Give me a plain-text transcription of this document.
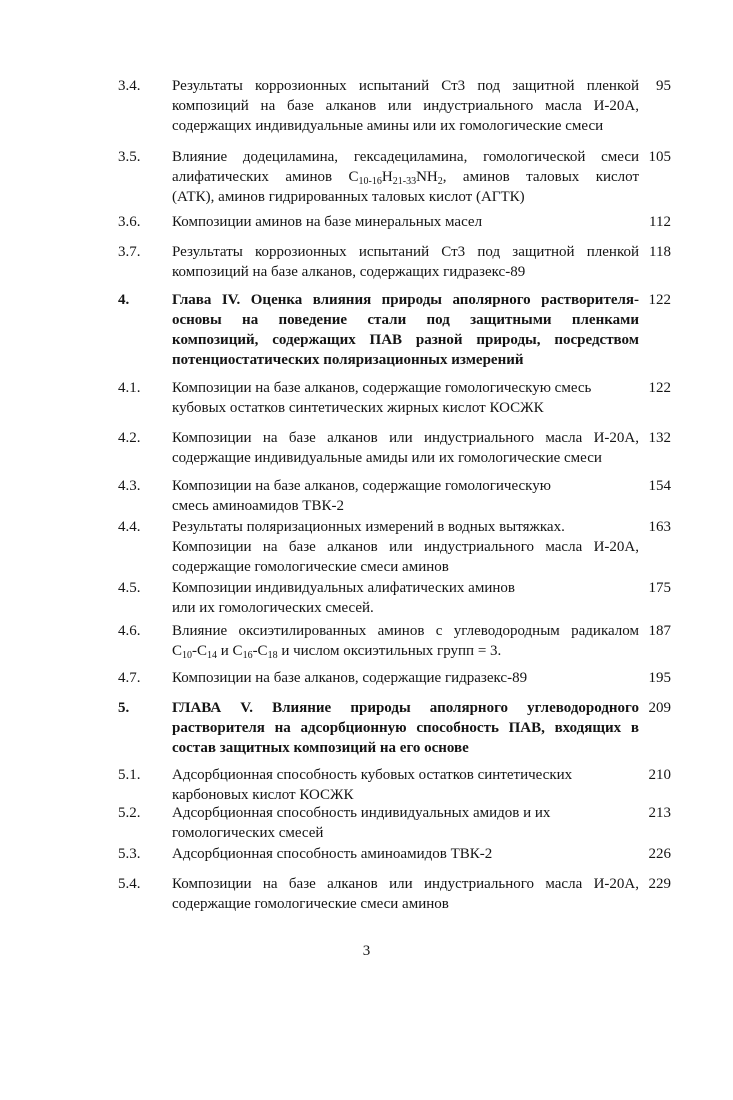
3.4. Результаты коррозионных испытаний Ст3 под защитной пленкой
композиций на базе алканов или индустриального масла И-20А,
содержащих индивидуальные амины или их гомологические смеси
95
3.5. Влияние додециламина, гексадециламина, гомологической смеси
алифатических аминов $C_{10-16}H_{21-33}NH_2$, аминов таловых кислот
(АТК), аминов гидрированных таловых кислот (АГТК)
105
3.6. Композиции аминов на базе минеральных масел	112
3.7. Результаты коррозионных испытаний Ст3 под защитной пленкой
композиций на базе алканов, содержащих гидразекс-89
118
4.	Глава IV. Оценка влияния природы аполярного растворителя-
основы на поведение стали под защитными пленками
композиций, содержащих ПАВ разной природы, посредством
потенциостатических поляризационных измерений
122
4.1. Композиции на базе алканов, содержащие гомологическую смесь
кубовых остатков синтетических жирных кислот КОСЖК
122
4.2. Композиции на базе алканов или индустриального масла И-20А,
содержащие индивидуальные амиды или их гомологические смеси
132
4.3. Композиции на базе алканов, содержащие гомологическую
смесь аминоамидов ТВК-2
154
4.4. Результаты поляризационных измерений в водных вытяжках.
Композиции на базе алканов или индустриального масла И-20А,
содержащие гомологические смеси аминов
163
4.5. Композиции индивидуальных алифатических аминов
или их гомологических смесей.
175
4.6. Влияние оксиэтилированных аминов с углеводородным радикалом
$C_{10}-C_{14}$ и $C_{16}-C_{18}$ и числом оксиэтильных групп = 3.
187
4.7. Композиции на базе алканов, содержащие гидразекс-89	195
5.	ГЛАВА V. Влияние природы аполярного углеводородного
растворителя на адсорбционную способность ПАВ, входящих в
состав защитных композиций на его основе
209
5.1. Адсорбционная способность кубовых остатков синтетических
карбоновых кислот КОСЖК
210
5.2. Адсорбционная способность индивидуальных амидов и их
гомологических смесей
213
5.3. Адсорбционная способность аминоамидов ТВК-2	226
5.4. Композиции на базе алканов или индустриального масла И-20А,
содержащие гомологические смеси аминов
229
3
